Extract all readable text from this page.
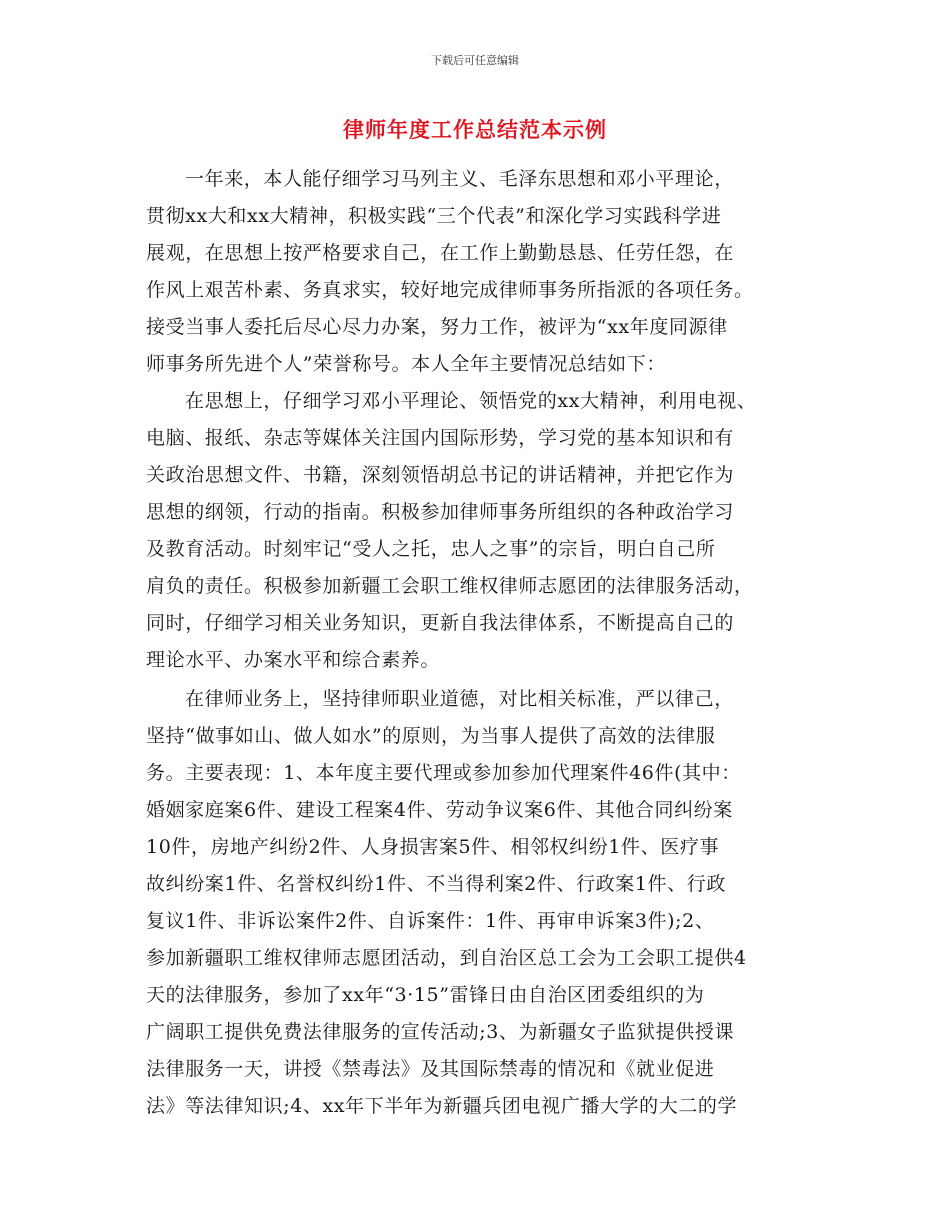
下载后可任意编辑
律师年度工作总结范本示例
一年来，本人能仔细学习马列主义、毛泽东思想和邓小平理论，
贯彻xx大和xx大精神，积极实践“三个代表”和深化学习实践科学进
展观，在思想上按严格要求自己，在工作上勤勤恳恳、任劳任怨，在
作风上艰苦朴素、务真求实，较好地完成律师事务所指派的各项任务。
接受当事人委托后尽心尽力办案，努力工作，被评为“xx年度同源律
师事务所先进个人”荣誉称号。本人全年主要情况总结如下：
在思想上，仔细学习邓小平理论、领悟党的xx大精神，利用电视、
电脑、报纸、杂志等媒体关注国内国际形势，学习党的基本知识和有
关政治思想文件、书籍，深刻领悟胡总书记的讲话精神，并把它作为
思想的纲领，行动的指南。积极参加律师事务所组织的各种政治学习
及教育活动。时刻牢记“受人之托，忠人之事”的宗旨，明白自己所
肩负的责任。积极参加新疆工会职工维权律师志愿团的法律服务活动，
同时，仔细学习相关业务知识，更新自我法律体系，不断提高自己的
理论水平、办案水平和综合素养。
在律师业务上，坚持律师职业道德，对比相关标准，严以律己，
坚持“做事如山、做人如水”的原则，为当事人提供了高效的法律服
务。主要表现：1、本年度主要代理或参加参加代理案件46件(其中：
婚姻家庭案6件、建设工程案4件、劳动争议案6件、其他合同纠纷案
10件，房地产纠纷2件、人身损害案5件、相邻权纠纷1件、医疗事
故纠纷案1件、名誉权纠纷1件、不当得利案2件、行政案1件、行政
复议1件、非诉讼案件2件、自诉案件：1件、再审申诉案3件);2、
参加新疆职工维权律师志愿团活动，到自治区总工会为工会职工提供4
天的法律服务，参加了xx年“3·15”雷锋日由自治区团委组织的为
广阔职工提供免费法律服务的宣传活动;3、为新疆女子监狱提供授课
法律服务一天，讲授《禁毒法》及其国际禁毒的情况和《就业促进
法》等法律知识;4、xx年下半年为新疆兵团电视广播大学的大二的学
